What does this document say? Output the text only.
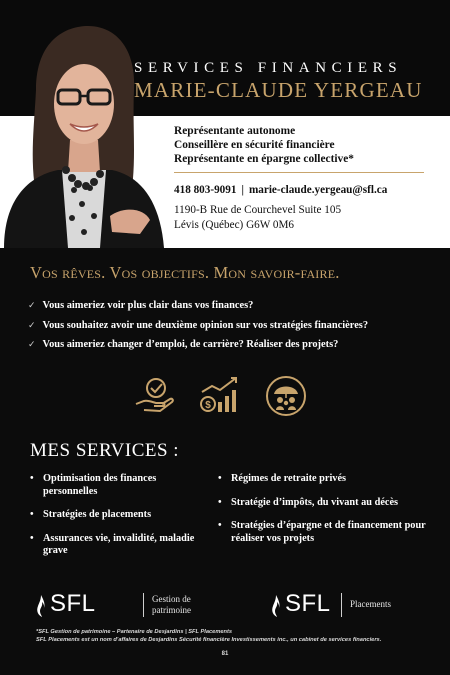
SERVICES FINANCIERS
MARIE-CLAUDE YERGEAU
Représentante autonome
Conseillère en sécurité financière
Représentante en épargne collective*
418 803-9091 | marie-claude.yergeau@sfl.ca
1190-B Rue de Courchevel Suite 105
Lévis (Québec) G6W 0M6
Vos rêves. Vos objectifs. Mon savoir-faire.
✓ Vous aimeriez voir plus clair dans vos finances?
✓ Vous souhaitez avoir une deuxième opinion sur vos stratégies financières?
✓ Vous aimeriez changer d’emploi, de carrière? Réaliser des projets?
$
MES SERVICES :
• Optimisation des finances personnelles
• Stratégies de placements
• Assurances vie, invalidité, maladie grave
• Régimes de retraite privés
• Stratégie d’impôts, du vivant au décès
• Stratégies d’épargne et de financement pour réaliser vos projets
SFL	Gestion de
patrimoine	SFL Placements
*SFL Gestion de patrimoine – Partenaire de Desjardins | SFL Placements
SFL Placements est un nom d’affaires de Desjardins Sécurité financière Investissements inc., un cabinet de services financiers.
81
